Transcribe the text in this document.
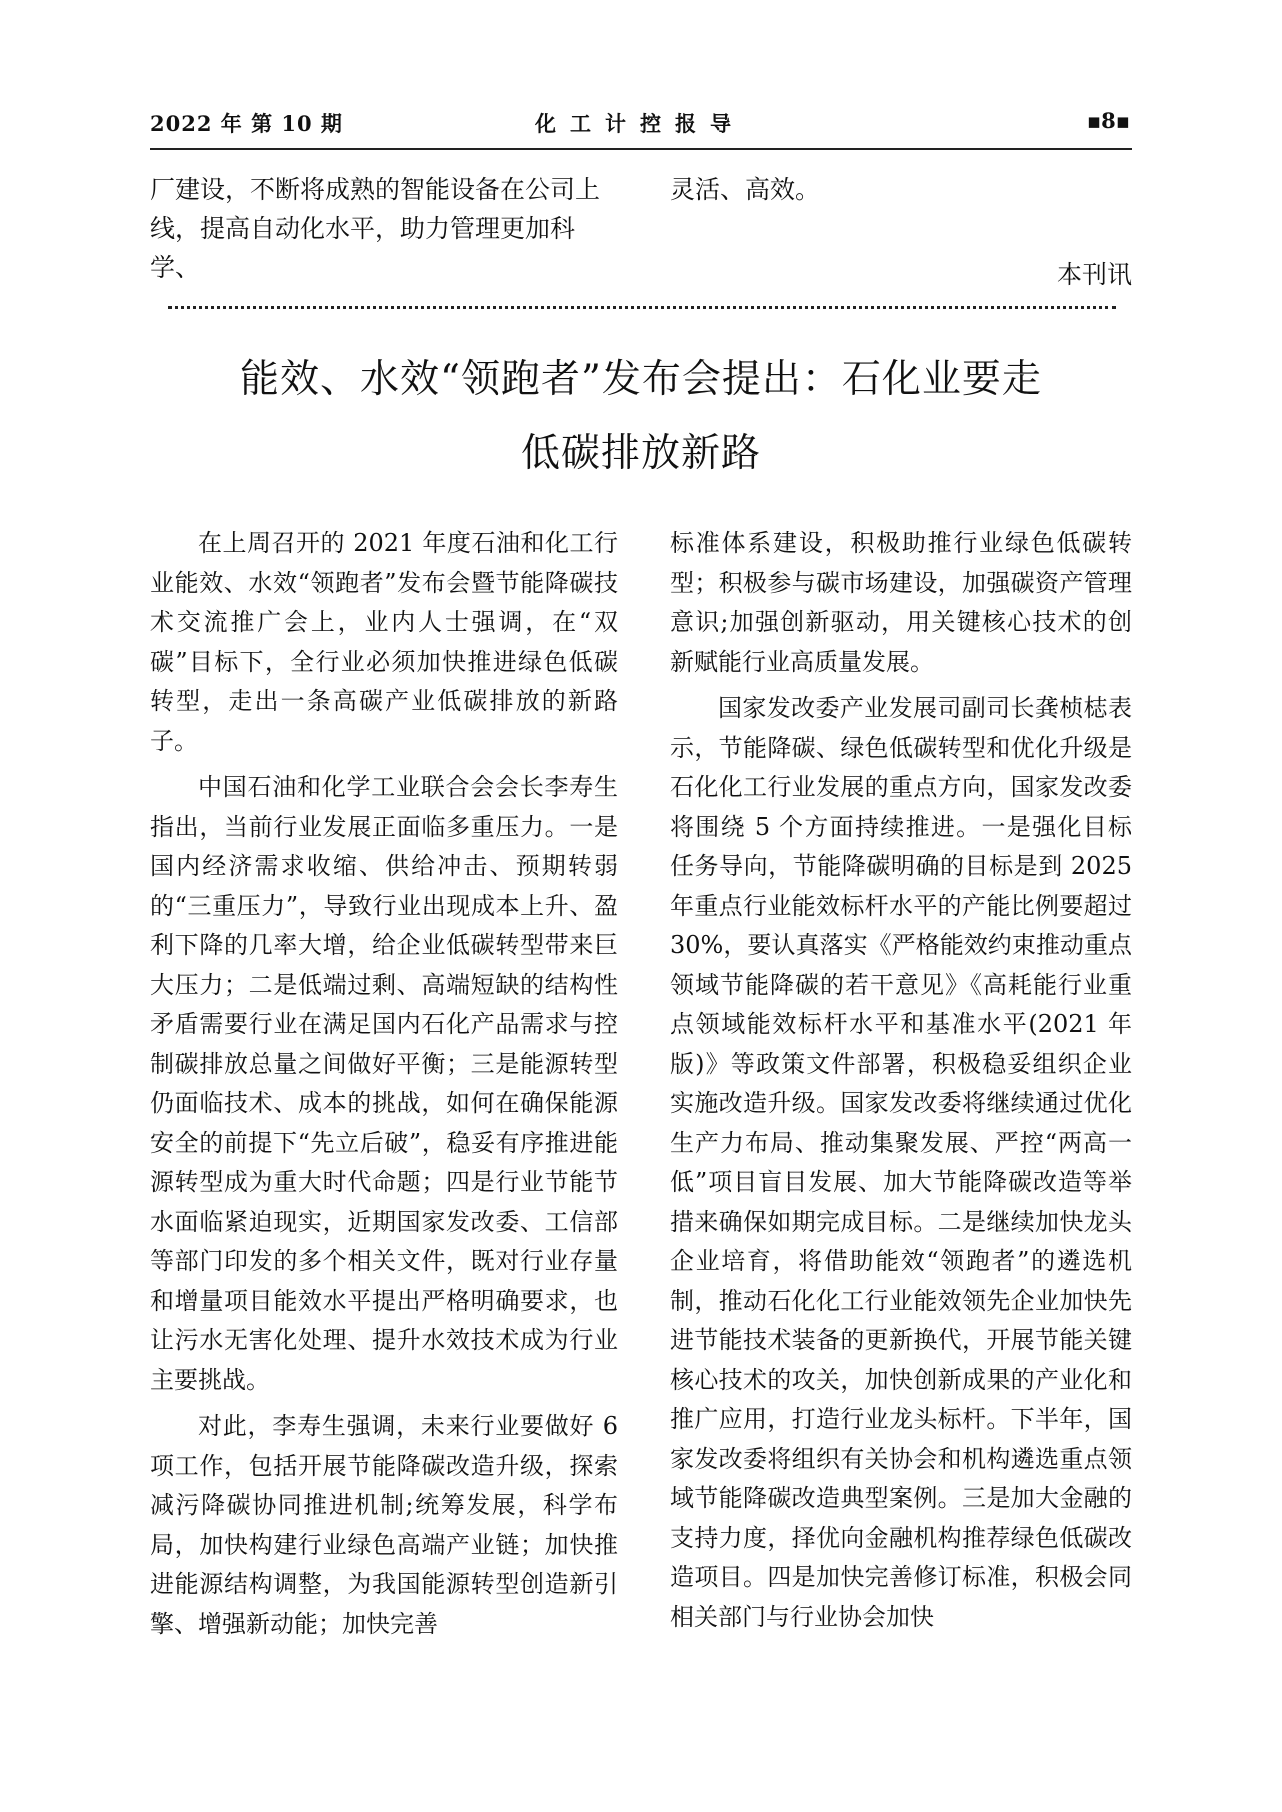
2022 年 第 10 期	化工计控报导	▪8▪
厂建设，不断将成熟的智能设备在公司上线，提高自动化水平，助力管理更加科学、
灵活、高效。
本刊讯
能效、水效“领跑者”发布会提出：石化业要走
低碳排放新路

在上周召开的 2021 年度石油和化工行业能效、水效“领跑者”发布会暨节能降碳技术交流推广会上，业内人士强调，在“双碳”目标下，全行业必须加快推进绿色低碳转型，走出一条高碳产业低碳排放的新路子。

中国石油和化学工业联合会会长李寿生指出，当前行业发展正面临多重压力。一是国内经济需求收缩、供给冲击、预期转弱的“三重压力”，导致行业出现成本上升、盈利下降的几率大增，给企业低碳转型带来巨大压力；二是低端过剩、高端短缺的结构性矛盾需要行业在满足国内石化产品需求与控制碳排放总量之间做好平衡；三是能源转型仍面临技术、成本的挑战，如何在确保能源安全的前提下“先立后破”，稳妥有序推进能源转型成为重大时代命题；四是行业节能节水面临紧迫现实，近期国家发改委、工信部等部门印发的多个相关文件，既对行业存量和增量项目能效水平提出严格明确要求，也让污水无害化处理、提升水效技术成为行业主要挑战。

对此，李寿生强调，未来行业要做好 6 项工作，包括开展节能降碳改造升级，探索减污降碳协同推进机制;统筹发展，科学布局，加快构建行业绿色高端产业链；加快推进能源结构调整，为我国能源转型创造新引擎、增强新动能；加快完善

标准体系建设，积极助推行业绿色低碳转型；积极参与碳市场建设，加强碳资产管理意识;加强创新驱动，用关键核心技术的创新赋能行业高质量发展。

国家发改委产业发展司副司长龚桢梽表示，节能降碳、绿色低碳转型和优化升级是石化化工行业发展的重点方向，国家发改委将围绕 5 个方面持续推进。一是强化目标任务导向，节能降碳明确的目标是到 2025 年重点行业能效标杆水平的产能比例要超过 30%，要认真落实《严格能效约束推动重点领域节能降碳的若干意见》《高耗能行业重点领域能效标杆水平和基准水平(2021 年版)》等政策文件部署，积极稳妥组织企业实施改造升级。国家发改委将继续通过优化生产力布局、推动集聚发展、严控“两高一低”项目盲目发展、加大节能降碳改造等举措来确保如期完成目标。二是继续加快龙头企业培育，将借助能效“领跑者”的遴选机制，推动石化化工行业能效领先企业加快先进节能技术装备的更新换代，开展节能关键核心技术的攻关，加快创新成果的产业化和推广应用，打造行业龙头标杆。下半年，国家发改委将组织有关协会和机构遴选重点领域节能降碳改造典型案例。三是加大金融的支持力度，择优向金融机构推荐绿色低碳改造项目。四是加快完善修订标准，积极会同相关部门与行业协会加快
